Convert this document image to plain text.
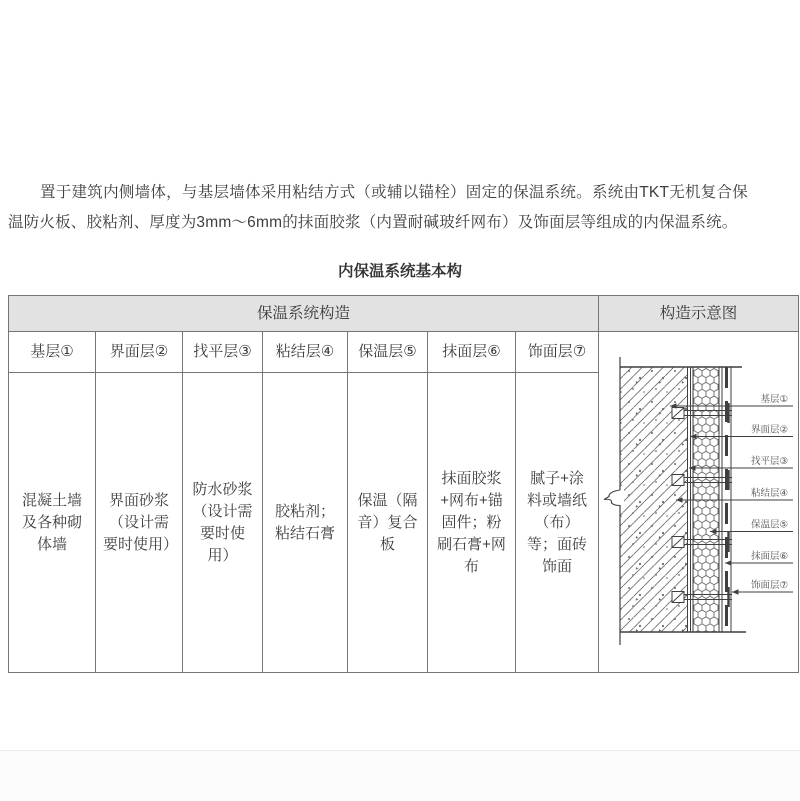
置于建筑内侧墙体，与基层墙体采用粘结方式（或辅以锚栓）固定的保温系统。系统由TKT无机复合保温防火板、胶粘剂、厚度为3mm～6mm的抹面胶浆（内置耐碱玻纤网布）及饰面层等组成的内保温系统。

内保温系统基本构
保温系统构造							构造示意图
基层①	界面层②	找平层③	粘结层④	保温层⑤	抹面层⑥	饰面层⑦	
基层①
界面层②
找平层③
粘结层④
保温层⑤
抹面层⑥
饰面层⑦

混凝土墙及各种砌体墙	界面砂浆（设计需要时使用）	防水砂浆（设计需要时使用）	胶粘剂；粘结石膏	保温（隔音）复合板	抹面胶浆+网布+锚固件；粉刷石膏+网布	腻子+涂料或墙纸（布）等；面砖饰面	
